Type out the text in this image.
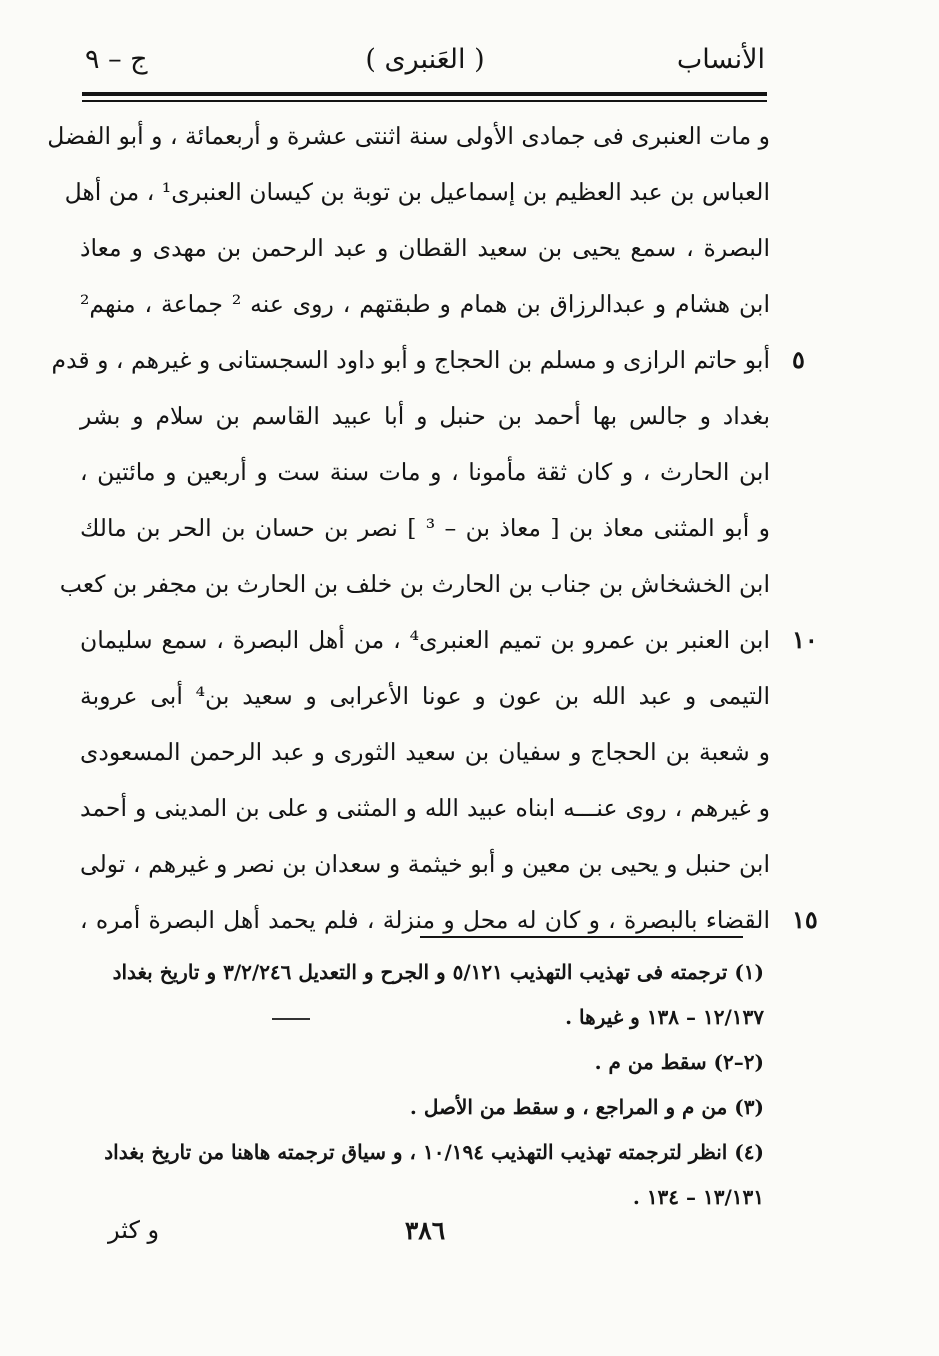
الأنساب
( العَنبرى )
ج – ٩
و مات العنبرى فى جمادى الأولى سنة اثنتى عشرة و أربعمائة ، و أبو الفضل
العباس بن عبد العظيم بن إسماعيل بن توبة بن كيسان العنبرى¹ ، من أهل
البصرة ، سمع يحيى بن سعيد القطان و عبد الرحمن بن مهدى و معاذ
ابن هشام و عبدالرزاق بن همام و طبقتهم ، روى عنه ² جماعة ، منهم²
٥
أبو حاتم الرازى و مسلم بن الحجاج و أبو داود السجستانى و غيرهم ، و قدم
بغداد و جالس بها أحمد بن حنبل و أبا عبيد القاسم بن سلام و بشر
ابن الحارث ، و كان ثقة مأمونا ، و مات سنة ست و أربعين و مائتين ،
و أبو المثنى معاذ بن [ معاذ بن – ³ ] نصر بن حسان بن الحر بن مالك
ابن الخشخاش بن جناب بن الحارث بن خلف بن الحارث بن مجفر بن كعب
١٠
ابن العنبر بن عمرو بن تميم العنبرى⁴ ، من أهل البصرة ، سمع سليمان
التيمى و عبد الله بن عون و عونا الأعرابى و سعيد بن⁴ أبى عروبة
و شعبة بن الحجاج و سفيان بن سعيد الثورى و عبد الرحمن المسعودى
و غيرهم ، روى عنـــه ابناه عبيد الله و المثنى و على بن المدينى و أحمد
ابن حنبل و يحيى بن معين و أبو خيثمة و سعدان بن نصر و غيرهم ، تولى
١٥
القضاء بالبصرة ، و كان له محل و منزلة ، فلم يحمد أهل البصرة أمره ،
(١) ترجمته فى تهذيب التهذيب ٥/١٢١ و الجرح و التعديل ٣/٢/٢٤٦ و تاريخ بغداد
١٢/١٣٧ – ١٣٨ و غيرها .
(٢–٢) سقط من م .
(٣) من م و المراجع ، و سقط من الأصل .
(٤) انظر لترجمته تهذيب التهذيب ١٠/١٩٤ ، و سياق ترجمته هاهنا من تاريخ بغداد
١٣/١٣١ – ١٣٤ .
و كثر	٣٨٦
